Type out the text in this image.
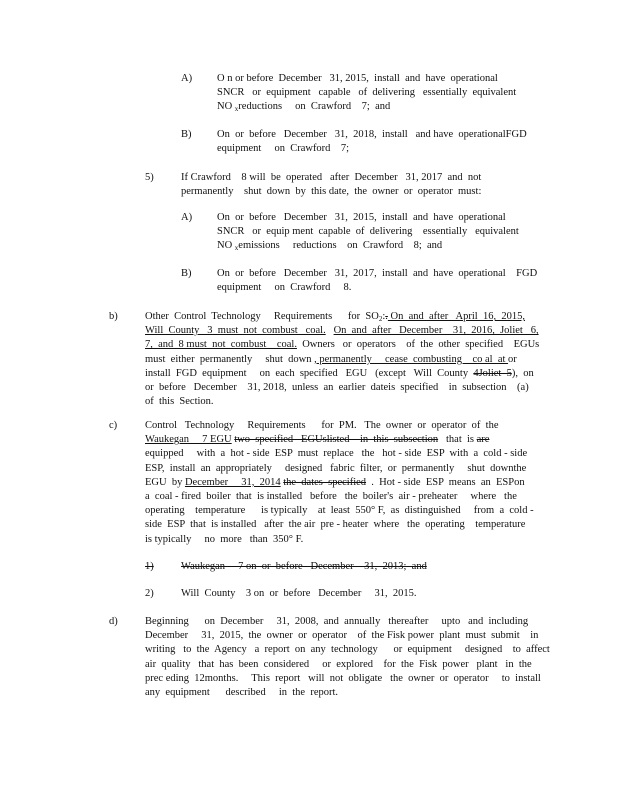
A) O n or before  December   31, 2015,  install  and  have  operational
SNCR   or  equipment   capable   of  delivering   essentially  equivalent
NO $_x$reductions     on  Crawford    7;  and
B) On  or  before   December   31,  2018,  install   and have  operationalFGD
equipment     on  Crawford    7;
5)	If Crawford    8 will  be  operated   after  December   31, 2017  and  not
permanently    shut  down  by  this date,  the  owner  or  operator  must:
A) On  or  before   December   31,  2015,  install  and  have  operational
SNCR   or  equip ment  capable  of  delivering    essentially   equivalent
NO $_x$emissions     reductions    on  Crawford    8;  and
B) On  or  before   December   31,  2017,  install  and  have  operational    FGD
equipment     on  Crawford     8.
b)	Other  Control  Technology     Requirements      for  $SO_2$:. On  and  after   April  16,  2015,
Will  County   3  must  not  combust   coal. On  and  after   December    31,  2016,  Joliet   6,
7,  and  8 must  not  combust    coal.  Owners   or  operators    of  the  other  specified    EGUs
must  either  permanently     shut  down , permanently     cease  combusting    co al  at or
install  FGD  equipment     on  each  specified   EGU   (except   Will  County  4Joliet  5),  on
or  before   December    31, 2018,  unless  an  earlier  dateis  specified    in  subsection    (a)
of  this  Section.
c)	Control   Technology     Requirements      for  PM.   The  owner  or  operator  of  the
Waukegan     7 EGU two  specified   EGUslisted    in  this  subsection   that  is are
equipped     with  a  hot - side  ESP  must  replace   the   hot - side  ESP  with  a  cold - side
ESP,  install  an  appropriately     designed   fabric  filter,  or  permanently     shut  downthe
EGU  by December     31,  2014 the  dates  specified  .  Hot - side  ESP  means  an  ESPon
a  coal - fired  boiler  that  is installed   before   the  boiler's  air - preheater     where   the
operating    temperature      is typically    at  least  550° F,  as  distinguished     from  a  cold -
side  ESP  that  is installed   after  the air  pre - heater  where   the  operating    temperature
is typically     no  more   than  350° F.
1)	Waukegan     7 on  or  before   December    31,  2013;  and
2)	Will  County    3 on  or  before   December     31,  2015.
d)	Beginning      on  December     31,  2008,  and  annually   thereafter     upto   and  including
December     31,  2015,  the  owner  or  operator    of  the Fisk power  plant  must  submit    in
writing   to  the  Agency   a  report  on  any  technology      or  equipment     designed    to  affect
air  quality   that  has  been  considered     or  explored    for  the  Fisk  power   plant   in  the
prec eding  12months.     This  report   will  not  obligate   the  owner  or  operator     to  install
any  equipment      described     in  the  report.
